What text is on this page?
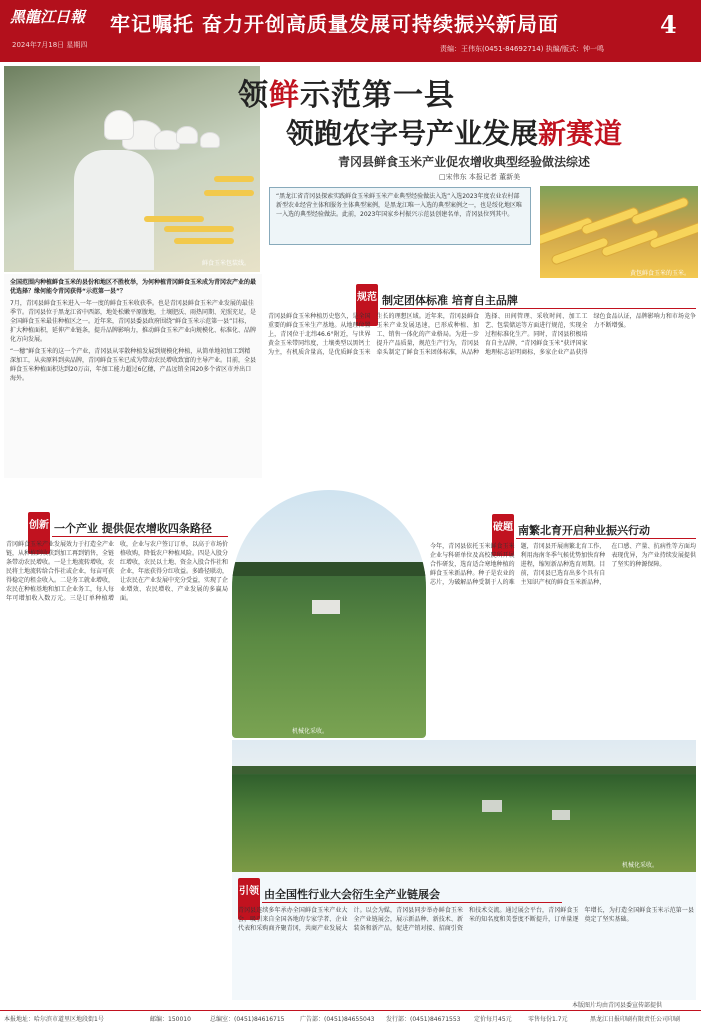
黑龍江日報
2024年7月18日 星期四
牢记嘱托 奋力开创高质量发展可持续振兴新局面	4
责编：王伟东(0451-84692714) 执编/版式：钟一鸣
鲜食玉米包装线。
领鲜示范第一县
领跑农字号产业发展新赛道
青冈县鲜食玉米产业促农增收典型经验做法综述
□宋伟东 本报记者 董新美
“黑龙江省青冈县探索实践鲜食玉米鲜玉米产业典型经验做法入选”入选2023年度农业农村部新型农业经营主体和服务主体典型案例，是黑龙江唯一入选的典型案例之一，也是绥化地区唯一入选的典型经验做法。此前，2023年国家乡村振兴示范县创建名单，青冈县位列其中。
黄包鲜食玉米的玉米。

全国范围内种植鲜食玉米的县份和地区不胜枚举，为何种植青冈鲜食玉米成为青冈农产业的最优选择？缘何能令青冈获得“示范第一县”？

7月，青冈县鲜食玉米进入一年一度的鲜食玉米收获季。也是青冈县鲜食玉米产业发展的最佳季节。青冈县位于黑龙江省中西部，地处松嫩平原腹地，土壤肥沃、雨热同期、光照充足，是全国鲜食玉米最佳种植区之一。近年来，青冈县委县政府围绕“鲜食玉米示范第一县”目标，扩大种植面积，延伸产业链条，提升品牌影响力，推动鲜食玉米产业向规模化、标准化、品牌化方向发展。

“一穗”鲜食玉米的这一个产业，青冈县从零散种植发展到规模化种植，从简单地初加工到精深加工，从卖原料到卖品牌，青冈鲜食玉米已成为带动农民增收致富的主导产业。目前，全县鲜食玉米种植面积达到20万亩，年加工能力超过6亿穗，产品远销全国20多个省区市并出口海外。

规范 制定团体标准 培育自主品牌
青冈县鲜食玉米种植历史悠久，是全国重要的鲜食玉米生产基地。从地理位置上，青冈位于北纬46.6°附近，与世界黄金玉米带同纬度，土壤类型以黑钙土为主，有机质含量高，是优质鲜食玉米生长的理想区域。近年来，青冈县鲜食玉米产业发展迅速，已形成种植、加工、销售一体化的产业格局。为进一步提升产品质量，规范生产行为，青冈县牵头制定了鲜食玉米团体标准，从品种选择、田间管理、采收时间、加工工艺、包装储运等方面进行规范，实现全过程标准化生产。同时，青冈县积极培育自主品牌，“青冈鲜食玉米”获评国家地理标志证明商标，多家企业产品获得绿色食品认证，品牌影响力和市场竞争力不断增强。
创新 一个产业 提供促农增收四条路径
青冈鲜食玉米产业发展效力于打造全产业链，从种植到收获到加工再到销售，全链条带动农民增收。一是土地流转增收，农民将土地流转给合作社或企业，每亩可获得稳定的租金收入。二是务工就业增收，农民在种植基地和加工企业务工，每人每年可增加收入数万元。三是订单种植增收，企业与农户签订订单，以高于市场价格收购，降低农户种植风险。四是入股分红增收，农民以土地、资金入股合作社和企业，年底获得分红收益。多路径联动，让农民在产业发展中充分受益，实现了企业增效、农民增收、产业发展的多赢局面。
机械化采收。
破题 南繁北育开启种业振兴行动
今年，青冈县依托玉米鲜食玉米企业与科研单位及高校院所开展合作研发，选育适合寒地种植的鲜食玉米新品种。种子是农业的芯片，为破解品种受制于人的难题，青冈县开展南繁北育工作，利用海南冬季气候优势加快育种进程，缩短新品种选育周期。目前，青冈县已选育出多个具有自主知识产权的鲜食玉米新品种，在口感、产量、抗病性等方面均表现优异，为产业持续发展提供了坚实的种源保障。
机械化采收。
引领 由全国性行业大会衍生全产业链展会
青冈县连续多年承办全国鲜食玉米产业大会，吸引来自全国各地的专家学者、企业代表和采购商齐聚青冈，共商产业发展大计。以会为媒，青冈县同步举办鲜食玉米全产业链展会，展示新品种、新技术、新装备和新产品，促进产销对接、招商引资和技术交流。通过展会平台，青冈鲜食玉米的知名度和美誉度不断提升，订单量逐年增长，为打造全国鲜食玉米示范第一县奠定了坚实基础。
本版图片均由青冈县委宣传部提供
本报地址：哈尔滨市道里区地段街1号	邮编：150010	总编室：(0451)84616715	广告部：(0451)84655043 发行部：(0451)84671553 定价每月45元	零售每份1.7元	黑龙江日报印刷有限责任公司印刷
